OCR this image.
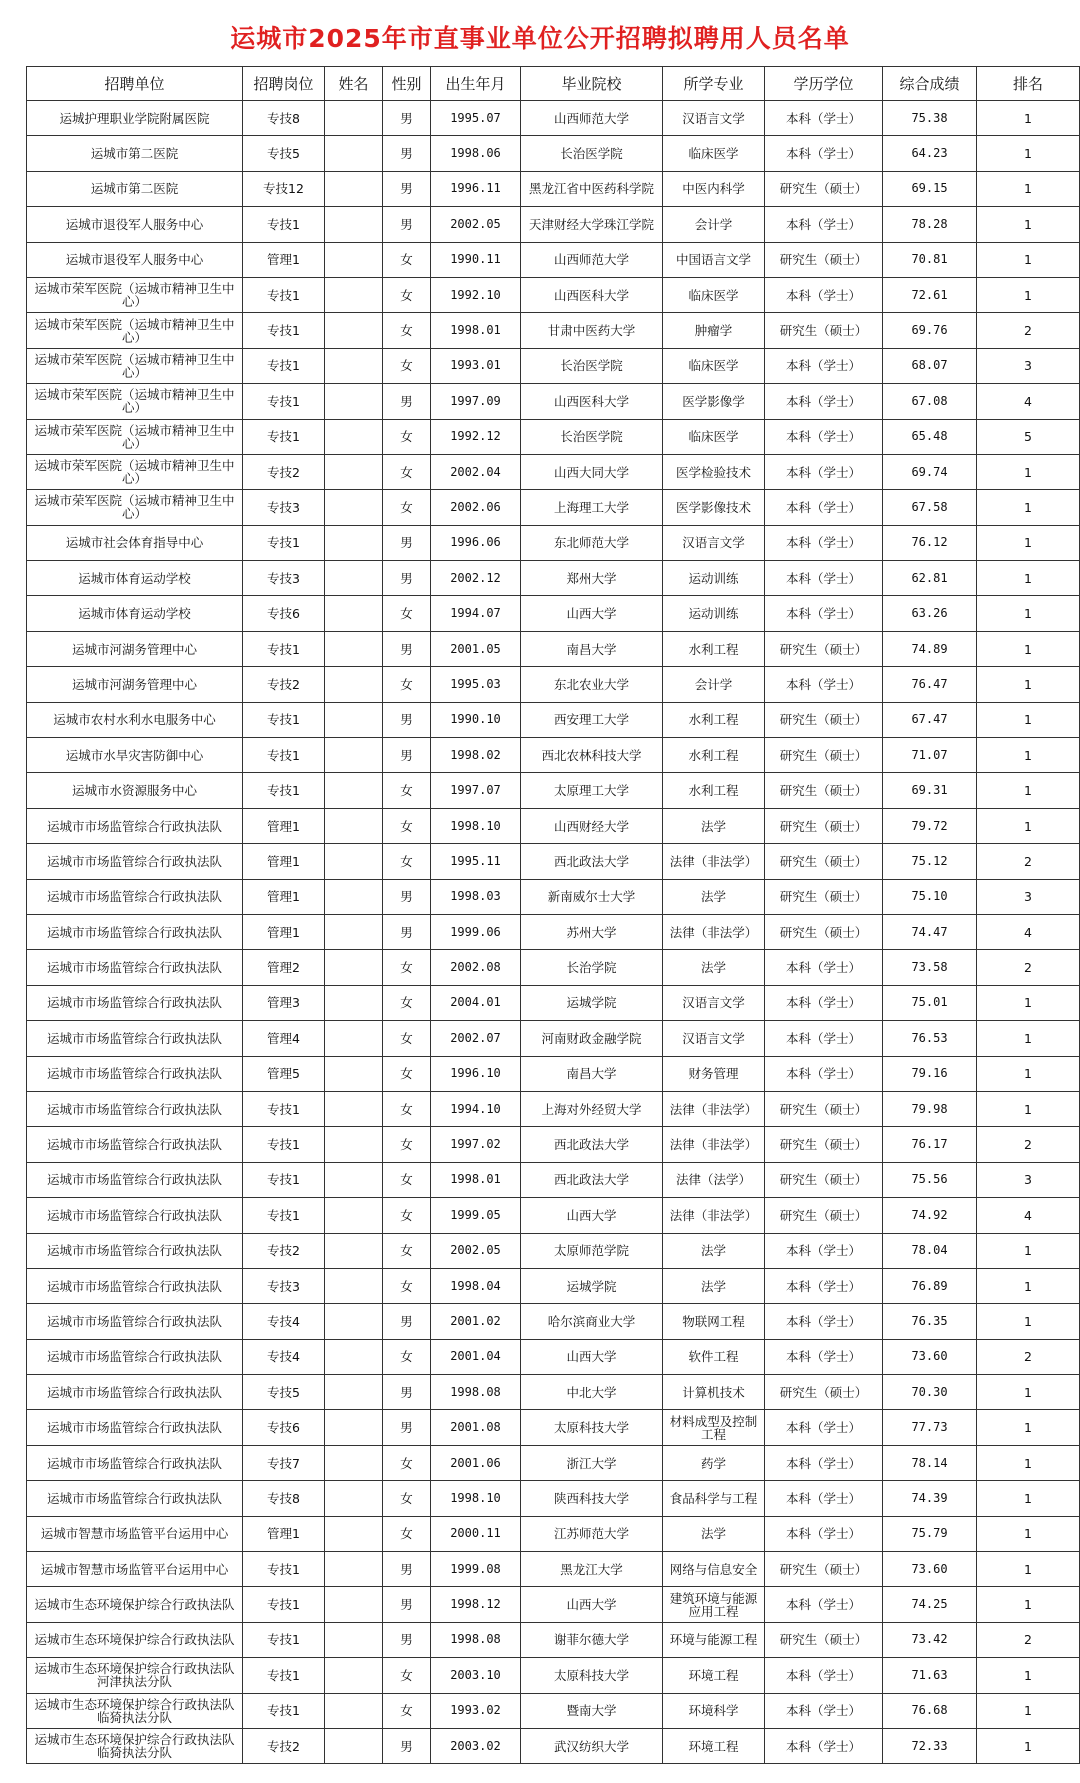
运城市2025年市直事业单位公开招聘拟聘用人员名单
招聘单位	招聘岗位	姓名	性别	出生年月	毕业院校	所学专业	学历学位	综合成绩	排名
运城护理职业学院附属医院	专技8		男	1995.07	山西师范大学	汉语言文学	本科（学士）	75.38	1
运城市第二医院	专技5		男	1998.06	长治医学院	临床医学	本科（学士）	64.23	1
运城市第二医院	专技12		男	1996.11	黑龙江省中医药科学院	中医内科学	研究生（硕士）	69.15	1
运城市退役军人服务中心	专技1		男	2002.05	天津财经大学珠江学院	会计学	本科（学士）	78.28	1
运城市退役军人服务中心	管理1		女	1990.11	山西师范大学	中国语言文学	研究生（硕士）	70.81	1
运城市荣军医院（运城市精神卫生中心）	专技1		女	1992.10	山西医科大学	临床医学	本科（学士）	72.61	1
运城市荣军医院（运城市精神卫生中心）	专技1		女	1998.01	甘肃中医药大学	肿瘤学	研究生（硕士）	69.76	2
运城市荣军医院（运城市精神卫生中心）	专技1		女	1993.01	长治医学院	临床医学	本科（学士）	68.07	3
运城市荣军医院（运城市精神卫生中心）	专技1		男	1997.09	山西医科大学	医学影像学	本科（学士）	67.08	4
运城市荣军医院（运城市精神卫生中心）	专技1		女	1992.12	长治医学院	临床医学	本科（学士）	65.48	5
运城市荣军医院（运城市精神卫生中心）	专技2		女	2002.04	山西大同大学	医学检验技术	本科（学士）	69.74	1
运城市荣军医院（运城市精神卫生中心）	专技3		女	2002.06	上海理工大学	医学影像技术	本科（学士）	67.58	1
运城市社会体育指导中心	专技1		男	1996.06	东北师范大学	汉语言文学	本科（学士）	76.12	1
运城市体育运动学校	专技3		男	2002.12	郑州大学	运动训练	本科（学士）	62.81	1
运城市体育运动学校	专技6		女	1994.07	山西大学	运动训练	本科（学士）	63.26	1
运城市河湖务管理中心	专技1		男	2001.05	南昌大学	水利工程	研究生（硕士）	74.89	1
运城市河湖务管理中心	专技2		女	1995.03	东北农业大学	会计学	本科（学士）	76.47	1
运城市农村水利水电服务中心	专技1		男	1990.10	西安理工大学	水利工程	研究生（硕士）	67.47	1
运城市水旱灾害防御中心	专技1		男	1998.02	西北农林科技大学	水利工程	研究生（硕士）	71.07	1
运城市水资源服务中心	专技1		女	1997.07	太原理工大学	水利工程	研究生（硕士）	69.31	1
运城市市场监管综合行政执法队	管理1		女	1998.10	山西财经大学	法学	研究生（硕士）	79.72	1
运城市市场监管综合行政执法队	管理1		女	1995.11	西北政法大学	法律（非法学）	研究生（硕士）	75.12	2
运城市市场监管综合行政执法队	管理1		男	1998.03	新南威尔士大学	法学	研究生（硕士）	75.10	3
运城市市场监管综合行政执法队	管理1		男	1999.06	苏州大学	法律（非法学）	研究生（硕士）	74.47	4
运城市市场监管综合行政执法队	管理2		女	2002.08	长治学院	法学	本科（学士）	73.58	2
运城市市场监管综合行政执法队	管理3		女	2004.01	运城学院	汉语言文学	本科（学士）	75.01	1
运城市市场监管综合行政执法队	管理4		女	2002.07	河南财政金融学院	汉语言文学	本科（学士）	76.53	1
运城市市场监管综合行政执法队	管理5		女	1996.10	南昌大学	财务管理	本科（学士）	79.16	1
运城市市场监管综合行政执法队	专技1		女	1994.10	上海对外经贸大学	法律（非法学）	研究生（硕士）	79.98	1
运城市市场监管综合行政执法队	专技1		女	1997.02	西北政法大学	法律（非法学）	研究生（硕士）	76.17	2
运城市市场监管综合行政执法队	专技1		女	1998.01	西北政法大学	法律（法学）	研究生（硕士）	75.56	3
运城市市场监管综合行政执法队	专技1		女	1999.05	山西大学	法律（非法学）	研究生（硕士）	74.92	4
运城市市场监管综合行政执法队	专技2		女	2002.05	太原师范学院	法学	本科（学士）	78.04	1
运城市市场监管综合行政执法队	专技3		女	1998.04	运城学院	法学	本科（学士）	76.89	1
运城市市场监管综合行政执法队	专技4		男	2001.02	哈尔滨商业大学	物联网工程	本科（学士）	76.35	1
运城市市场监管综合行政执法队	专技4		女	2001.04	山西大学	软件工程	本科（学士）	73.60	2
运城市市场监管综合行政执法队	专技5		男	1998.08	中北大学	计算机技术	研究生（硕士）	70.30	1
运城市市场监管综合行政执法队	专技6		男	2001.08	太原科技大学	材料成型及控制工程	本科（学士）	77.73	1
运城市市场监管综合行政执法队	专技7		女	2001.06	浙江大学	药学	本科（学士）	78.14	1
运城市市场监管综合行政执法队	专技8		女	1998.10	陕西科技大学	食品科学与工程	本科（学士）	74.39	1
运城市智慧市场监管平台运用中心	管理1		女	2000.11	江苏师范大学	法学	本科（学士）	75.79	1
运城市智慧市场监管平台运用中心	专技1		男	1999.08	黑龙江大学	网络与信息安全	研究生（硕士）	73.60	1
运城市生态环境保护综合行政执法队	专技1		男	1998.12	山西大学	建筑环境与能源应用工程	本科（学士）	74.25	1
运城市生态环境保护综合行政执法队	专技1		男	1998.08	谢菲尔德大学	环境与能源工程	研究生（硕士）	73.42	2
运城市生态环境保护综合行政执法队河津执法分队	专技1		女	2003.10	太原科技大学	环境工程	本科（学士）	71.63	1
运城市生态环境保护综合行政执法队临猗执法分队	专技1		女	1993.02	暨南大学	环境科学	本科（学士）	76.68	1
运城市生态环境保护综合行政执法队临猗执法分队	专技2		男	2003.02	武汉纺织大学	环境工程	本科（学士）	72.33	1
